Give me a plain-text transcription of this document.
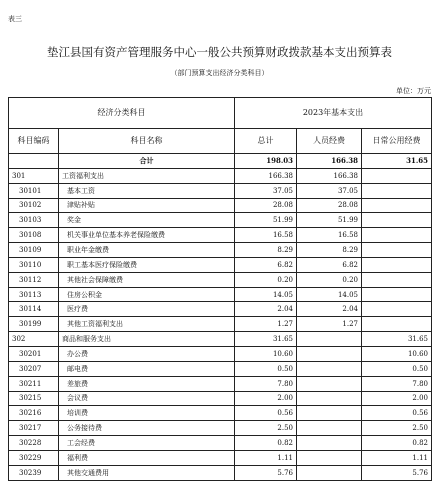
表三
垫江县国有资产管理服务中心一般公共预算财政拨款基本支出预算表
（部门预算支出经济分类科目）
单位：万元
经济分类科目		2023年基本支出		
科目编码	科目名称	总计	人员经费	日常公用经费
	合计	198.03	166.38	31.65
301	工资福利支出	166.38	166.38	
30101	基本工资	37.05	37.05	
30102	津贴补贴	28.08	28.08	
30103	奖金	51.99	51.99	
30108	机关事业单位基本养老保险缴费	16.58	16.58	
30109	职业年金缴费	8.29	8.29	
30110	职工基本医疗保险缴费	6.82	6.82	
30112	其他社会保障缴费	0.20	0.20	
30113	住房公积金	14.05	14.05	
30114	医疗费	2.04	2.04	
30199	其他工资福利支出	1.27	1.27	
302	商品和服务支出	31.65		31.65
30201	办公费	10.60		10.60
30207	邮电费	0.50		0.50
30211	差旅费	7.80		7.80
30215	会议费	2.00		2.00
30216	培训费	0.56		0.56
30217	公务接待费	2.50		2.50
30228	工会经费	0.82		0.82
30229	福利费	1.11		1.11
30239	其他交通费用	5.76		5.76
